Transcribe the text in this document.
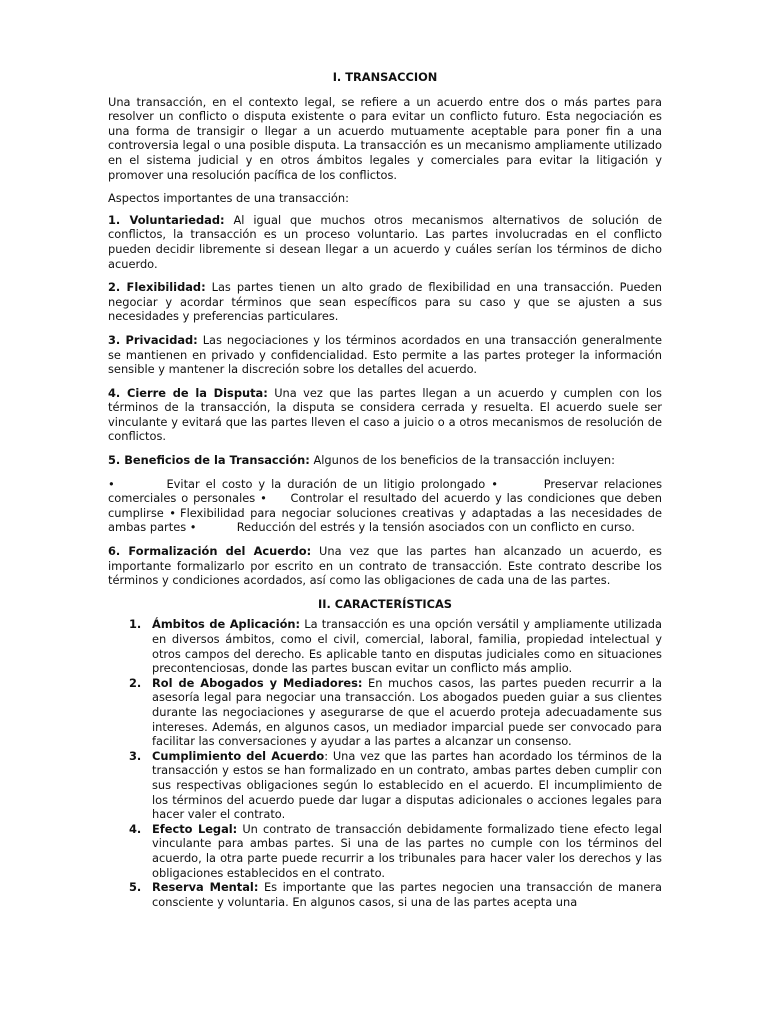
I. TRANSACCION

Una transacción, en el contexto legal, se refiere a un acuerdo entre dos o más partes para resolver un conflicto o disputa existente o para evitar un conflicto futuro. Esta negociación es una forma de transigir o llegar a un acuerdo mutuamente aceptable para poner fin a una controversia legal o una posible disputa. La transacción es un mecanismo ampliamente utilizado en el sistema judicial y en otros ámbitos legales y comerciales para evitar la litigación y promover una resolución pacífica de los conflictos.

Aspectos importantes de una transacción:

1. Voluntariedad: Al igual que muchos otros mecanismos alternativos de solución de conflictos, la transacción es un proceso voluntario. Las partes involucradas en el conflicto pueden decidir libremente si desean llegar a un acuerdo y cuáles serían los términos de dicho acuerdo.

2. Flexibilidad: Las partes tienen un alto grado de flexibilidad en una transacción. Pueden negociar y acordar términos que sean específicos para su caso y que se ajusten a sus necesidades y preferencias particulares.

3. Privacidad: Las negociaciones y los términos acordados en una transacción generalmente se mantienen en privado y confidencialidad. Esto permite a las partes proteger la información sensible y mantener la discreción sobre los detalles del acuerdo.

4. Cierre de la Disputa: Una vez que las partes llegan a un acuerdo y cumplen con los términos de la transacción, la disputa se considera cerrada y resuelta. El acuerdo suele ser vinculante y evitará que las partes lleven el caso a juicio o a otros mecanismos de resolución de conflictos.

5. Beneficios de la Transacción: Algunos de los beneficios de la transacción incluyen:

•	Evitar el costo y la duración de un litigio prolongado •	Preservar relaciones comerciales o personales • Controlar el resultado del acuerdo y las condiciones que deben cumplirse • Flexibilidad para negociar soluciones creativas y adaptadas a las necesidades de ambas partes •	Reducción del estrés y la tensión asociados con un conflicto en curso.

6. Formalización del Acuerdo: Una vez que las partes han alcanzado un acuerdo, es importante formalizarlo por escrito en un contrato de transacción. Este contrato describe los términos y condiciones acordados, así como las obligaciones de cada una de las partes.

II. CARACTERÍSTICAS
1. Ámbitos de Aplicación: La transacción es una opción versátil y ampliamente utilizada en diversos ámbitos, como el civil, comercial, laboral, familia, propiedad intelectual y otros campos del derecho. Es aplicable tanto en disputas judiciales como en situaciones precontenciosas, donde las partes buscan evitar un conflicto más amplio.
2. Rol de Abogados y Mediadores: En muchos casos, las partes pueden recurrir a la asesoría legal para negociar una transacción. Los abogados pueden guiar a sus clientes durante las negociaciones y asegurarse de que el acuerdo proteja adecuadamente sus intereses. Además, en algunos casos, un mediador imparcial puede ser convocado para facilitar las conversaciones y ayudar a las partes a alcanzar un consenso.
3. Cumplimiento del Acuerdo: Una vez que las partes han acordado los términos de la transacción y estos se han formalizado en un contrato, ambas partes deben cumplir con sus respectivas obligaciones según lo establecido en el acuerdo. El incumplimiento de los términos del acuerdo puede dar lugar a disputas adicionales o acciones legales para hacer valer el contrato.
4. Efecto Legal: Un contrato de transacción debidamente formalizado tiene efecto legal vinculante para ambas partes. Si una de las partes no cumple con los términos del acuerdo, la otra parte puede recurrir a los tribunales para hacer valer los derechos y las obligaciones establecidos en el contrato.
5. Reserva Mental: Es importante que las partes negocien una transacción de manera consciente y voluntaria. En algunos casos, si una de las partes acepta una
